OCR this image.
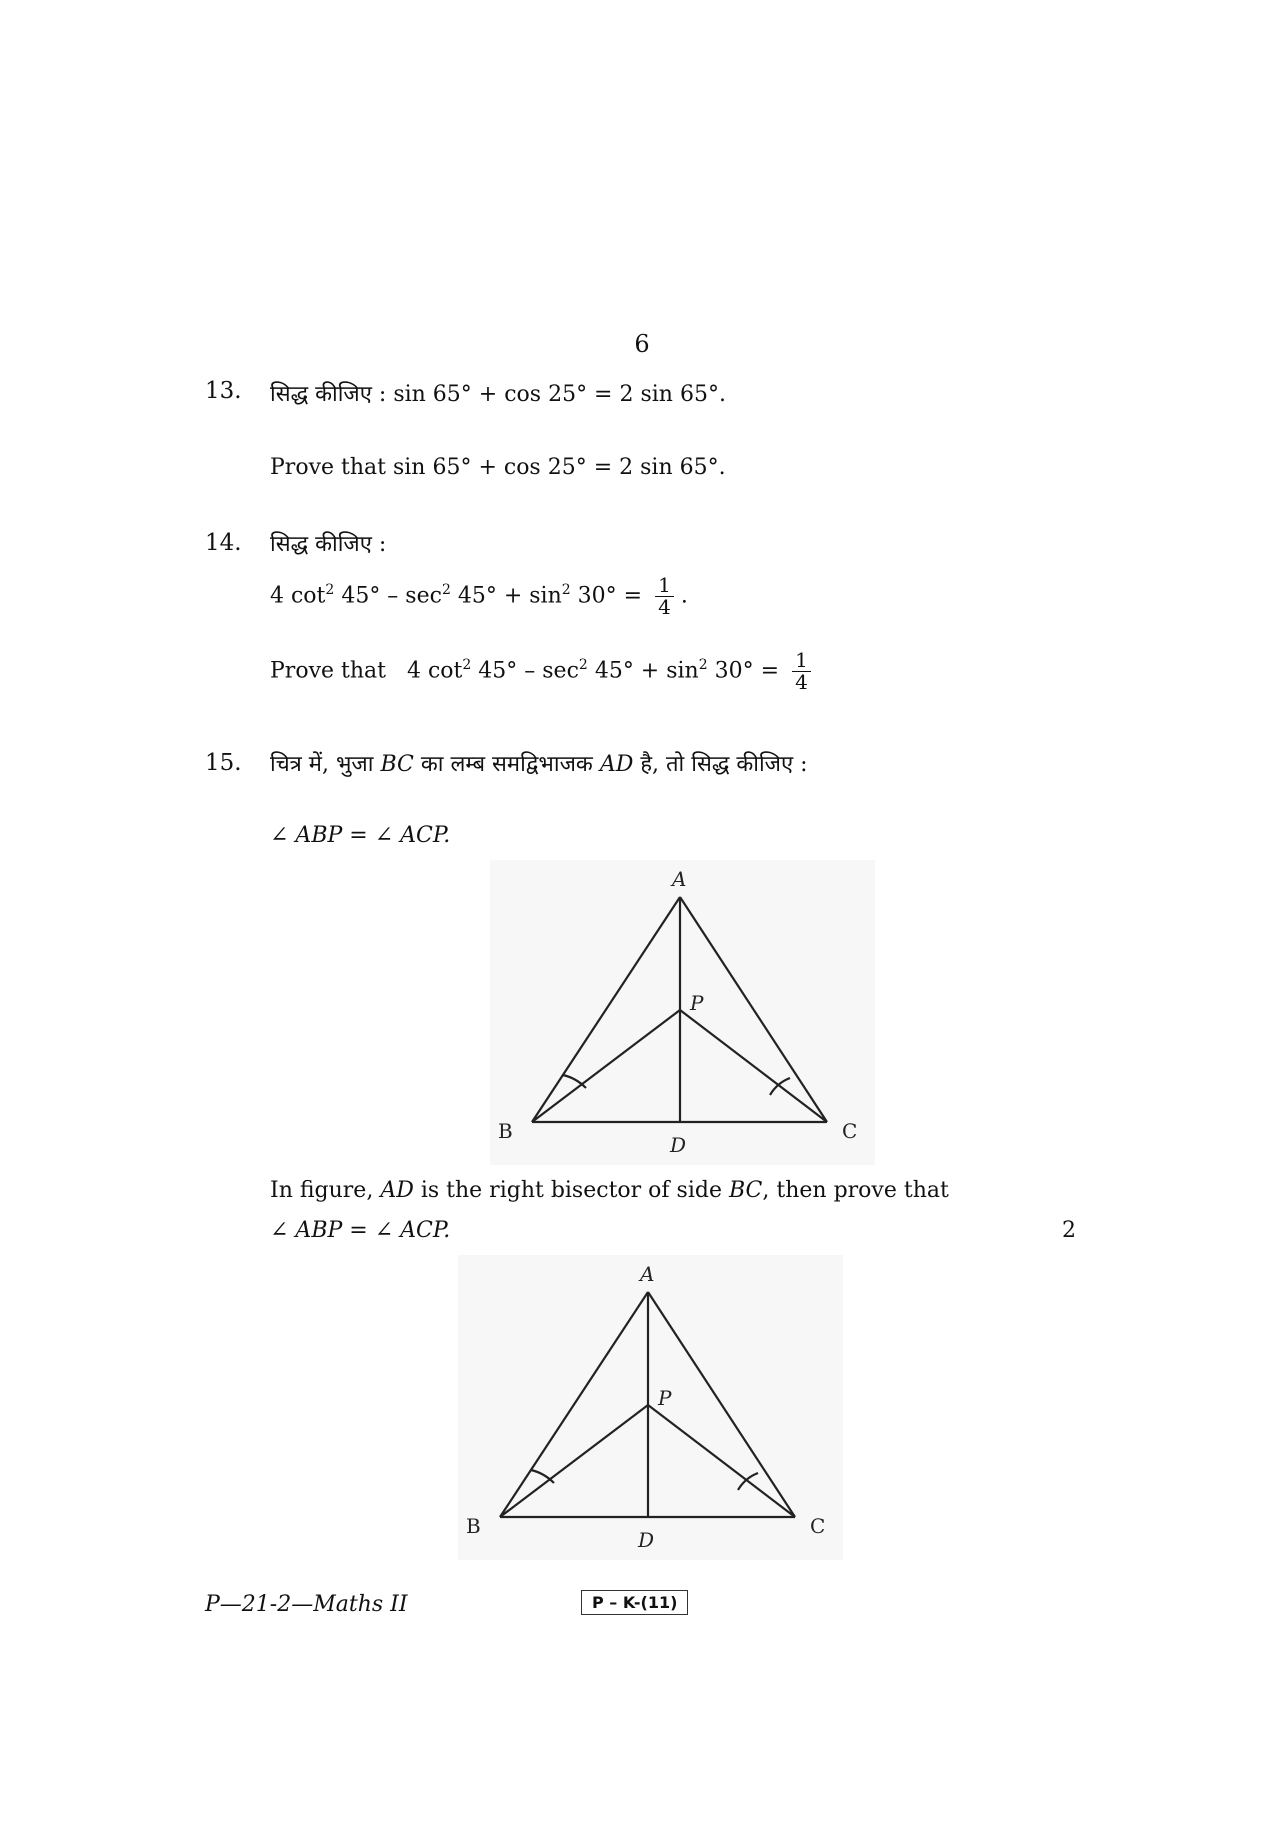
6
13. सिद्ध कीजिए : sin 65° + cos 25° = 2 sin 65°.
Prove that sin 65° + cos 25° = 2 sin 65°.
14. सिद्ध कीजिए :
4 $\cot^2 45^\circ - \sec^2 45^\circ + \sin^2 30^\circ = \frac{1}{4}$ .
Prove that 4 $\cot^2 45^\circ - \sec^2 45^\circ + \sin^2 30^\circ = \frac{1}{4}$
15. चित्र में, भुजा BC का लम्ब समद्विभाजक AD है, तो सिद्ध कीजिए :
∠ ABP = ∠ ACP.
A
B	C
D
P
In figure, AD is the right bisector of side BC, then prove that
∠ ABP = ∠ ACP.	2
A
B	C
D
P
P—21-2—Maths II	P – K-(11)
